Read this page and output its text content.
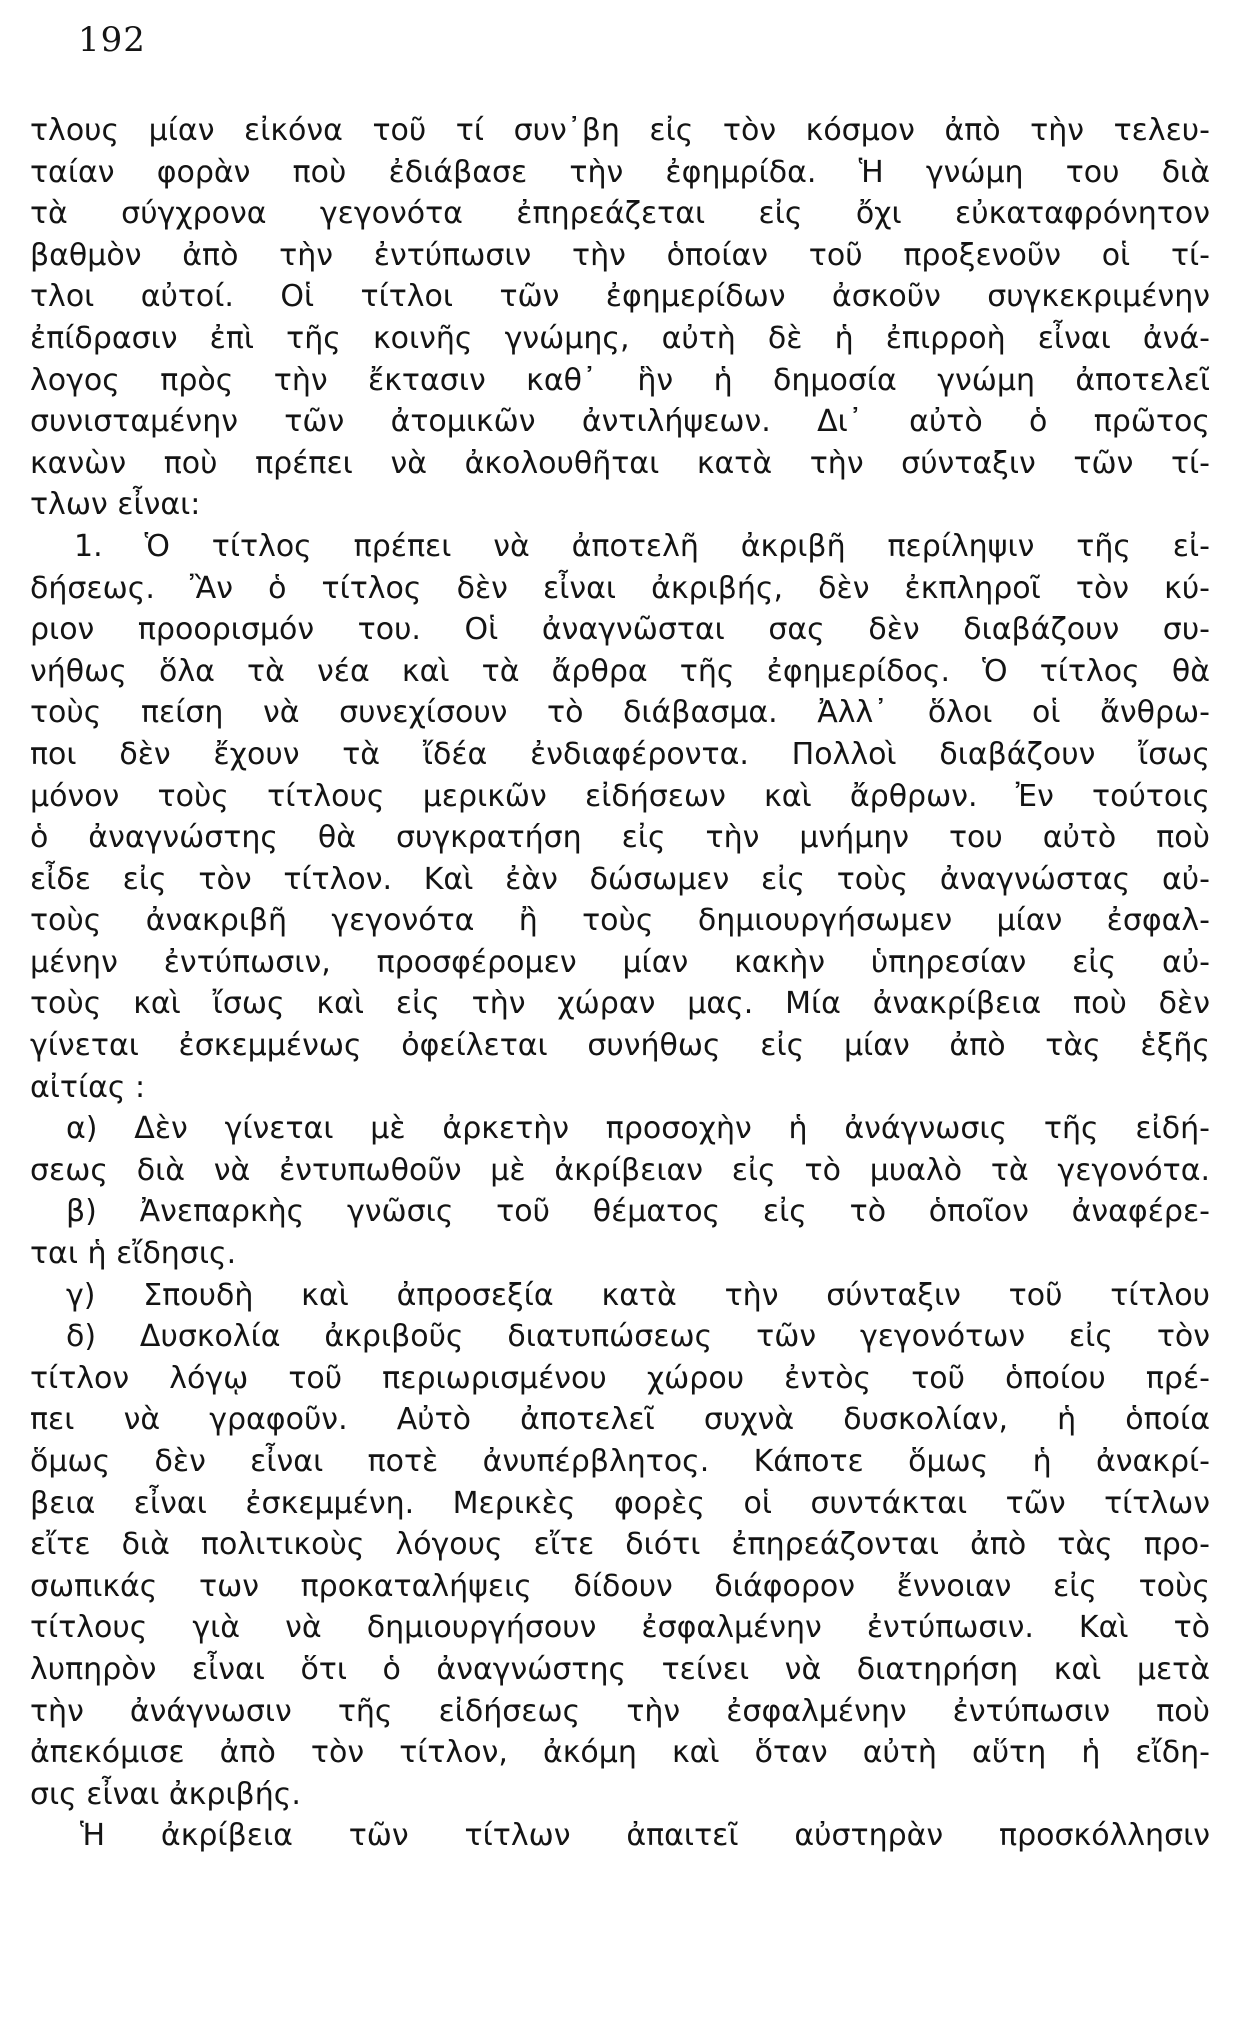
192
τλους μίαν εἰκόνα τοῦ τί συν᾽βη εἰς τὸν κόσμον ἀπὸ τὴν τελευ-
ταίαν φορὰν ποὺ ἐδιάβασε τὴν ἐφημρίδα. Ἡ γνώμη του διὰ
τὰ σύγχρονα γεγονότα ἐπηρεάζεται εἰς ὄχι εὐκαταφρόνητον
βαθμὸν ἀπὸ τὴν ἐντύπωσιν τὴν ὁποίαν τοῦ προξενοῦν οἱ τί-
τλοι αὐτοί. Οἱ τίτλοι τῶν ἐφημερίδων ἀσκοῦν συγκεκριμένην
ἐπίδρασιν ἐπὶ τῆς κοινῆς γνώμης, αὐτὴ δὲ ἡ ἐπιρροὴ εἶναι ἀνά-
λογος πρὸς τὴν ἔκτασιν καθ᾽ ἣν ἡ δημοσία γνώμη ἀποτελεῖ
συνισταμένην τῶν ἀτομικῶν ἀντιλήψεων. Δι᾽ αὐτὸ ὁ πρῶτος
κανὼν ποὺ πρέπει νὰ ἀκολουθῆται κατὰ τὴν σύνταξιν τῶν τί-
τλων εἶναι:
1. Ὁ τίτλος πρέπει νὰ ἀποτελῆ ἀκριβῆ περίληψιν τῆς εἰ-
δήσεως. Ἂν ὁ τίτλος δὲν εἶναι ἀκριβής, δὲν ἐκπληροῖ τὸν κύ-
ριον προορισμόν του. Οἱ ἀναγνῶσται σας δὲν διαβάζουν συ-
νήθως ὅλα τὰ νέα καὶ τὰ ἄρθρα τῆς ἐφημερίδος. Ὁ τίτλος θὰ
τοὺς πείση νὰ συνεχίσουν τὸ διάβασμα. Ἀλλ᾽ ὅλοι οἱ ἄνθρω-
ποι δὲν ἔχουν τὰ ἴδέα ἐνδιαφέροντα. Πολλοὶ διαβάζουν ἴσως
μόνον τοὺς τίτλους μερικῶν εἰδήσεων καὶ ἄρθρων. Ἐν τούτοις
ὁ ἀναγνώστης θὰ συγκρατήση εἰς τὴν μνήμην του αὐτὸ ποὺ
εἶδε εἰς τὸν τίτλον. Καὶ ἐὰν δώσωμεν εἰς τοὺς ἀναγνώστας αὐ-
τοὺς ἀνακριβῆ γεγονότα ἢ τοὺς δημιουργήσωμεν μίαν ἐσφαλ-
μένην ἐντύπωσιν, προσφέρομεν μίαν κακὴν ὑπηρεσίαν εἰς αὐ-
τοὺς καὶ ἴσως καὶ εἰς τὴν χώραν μας. Μία ἀνακρίβεια ποὺ δὲν
γίνεται ἐσκεμμένως ὀφείλεται συνήθως εἰς μίαν ἀπὸ τὰς ἑξῆς
αἰτίας :
α) Δὲν γίνεται μὲ ἀρκετὴν προσοχὴν ἡ ἀνάγνωσις τῆς εἰδή-
σεως διὰ νὰ ἐντυπωθοῦν μὲ ἀκρίβειαν εἰς τὸ μυαλὸ τὰ γεγονότα.
β) Ἀνεπαρκὴς γνῶσις τοῦ θέματος εἰς τὸ ὁποῖον ἀναφέρε-
ται ἡ εἴδησις.
γ) Σπουδὴ καὶ ἀπροσεξία κατὰ τὴν σύνταξιν τοῦ τίτλου
δ) Δυσκολία ἀκριβοῦς διατυπώσεως τῶν γεγονότων εἰς τὸν
τίτλον λόγῳ τοῦ περιωρισμένου χώρου ἐντὸς τοῦ ὁποίου πρέ-
πει νὰ γραφοῦν. Αὐτὸ ἀποτελεῖ συχνὰ δυσκολίαν, ἡ ὁποία
ὅμως δὲν εἶναι ποτὲ ἀνυπέρβλητος. Κάποτε ὅμως ἡ ἀνακρί-
βεια εἶναι ἐσκεμμένη. Μερικὲς φορὲς οἱ συντάκται τῶν τίτλων
εἴτε διὰ πολιτικοὺς λόγους εἴτε διότι ἐπηρεάζονται ἀπὸ τὰς προ-
σωπικάς των προκαταλήψεις δίδουν διάφορον ἔννοιαν εἰς τοὺς
τίτλους γιὰ νὰ δημιουργήσουν ἐσφαλμένην ἐντύπωσιν. Καὶ τὸ
λυπηρὸν εἶναι ὅτι ὁ ἀναγνώστης τείνει νὰ διατηρήση καὶ μετὰ
τὴν ἀνάγνωσιν τῆς εἰδήσεως τὴν ἐσφαλμένην ἐντύπωσιν ποὺ
ἀπεκόμισε ἀπὸ τὸν τίτλον, ἀκόμη καὶ ὅταν αὐτὴ αὕτη ἡ εἴδη-
σις εἶναι ἀκριβής.
Ἡ ἀκρίβεια τῶν τίτλων ἀπαιτεῖ αὐστηρὰν προσκόλλησιν
